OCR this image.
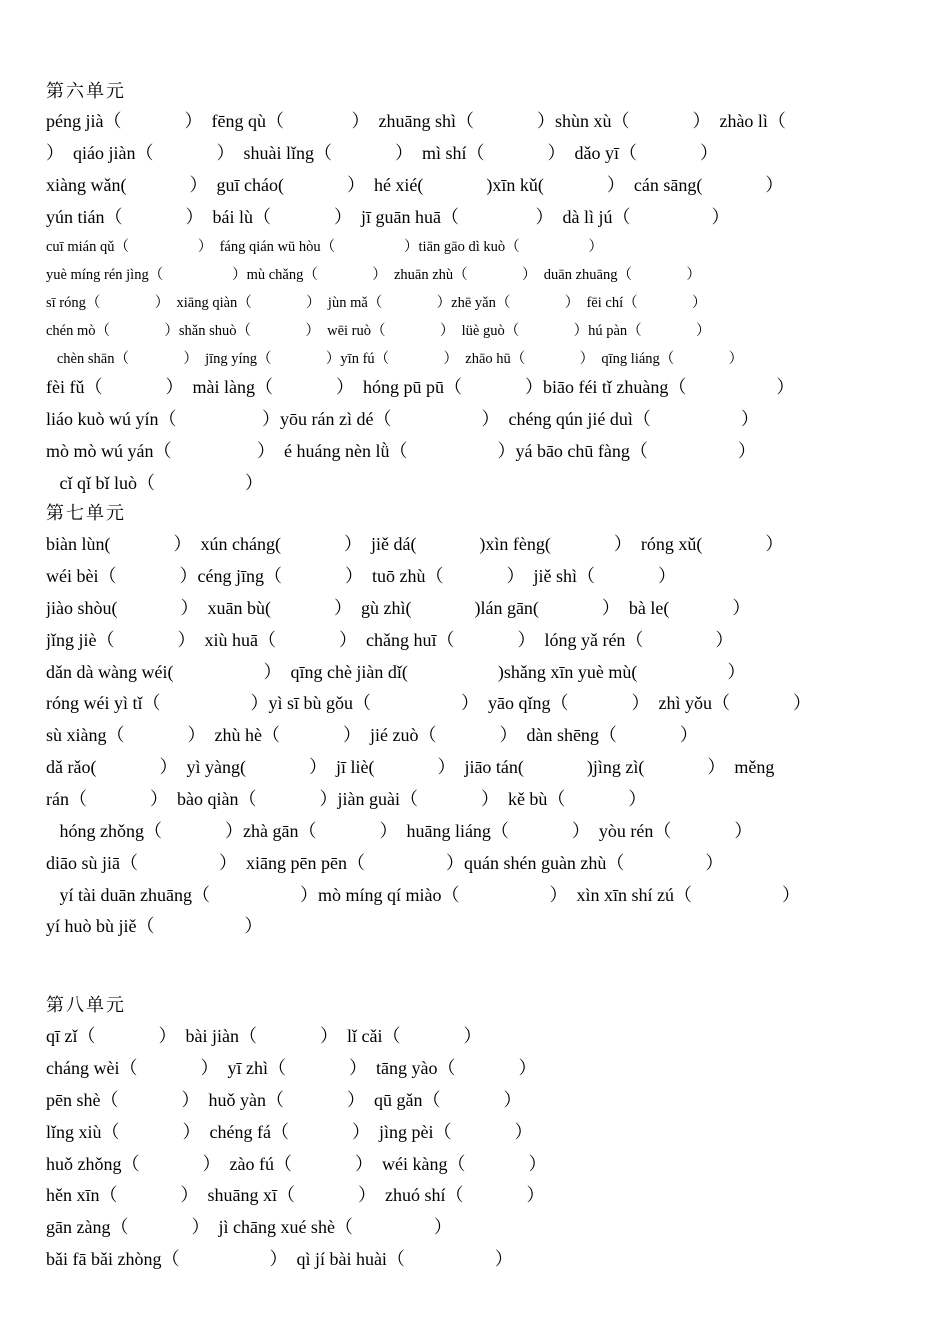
第六单元
péng jià（              ）  fēng qù（               ）  zhuāng shì（              ）shùn xù（              ）  zhào lì（
）  qiáo jiàn（              ）  shuài lǐng（              ）  mì shí（              ）  dǎo yī（              ）
xiàng wǎn(              ）  guī cháo(              ）  hé xié(              )xīn kǔ(              ）  cán sāng(              ）
yún tián（              ）  bái lù（              ）  jī guān huā（                 ）  dà lì jú（                  ）
cuī mián qǔ（                   ）  fáng qián wū hòu（                   ）tiān gāo dì kuò（                   ）
yuè míng rén jìng（                   ）mù chǎng（               ）  zhuān zhù（               ）  duān zhuāng（               ）
sī róng（               ）  xiāng qiàn（               ）  jùn mǎ（               ）zhē yǎn（               ）  fēi chí（               ）
chén mò（               ）shǎn shuò（               ）  wēi ruò（               ）  lüè guò（               ）hú pàn（               ）
chèn shān（               ）  jīng yíng（               ）yīn fú（               ）  zhāo hū（               ）  qīng liáng（               ）
fèi fǔ（              ）  mài làng（              ）  hóng pū pū（              ）biāo féi tǐ zhuàng（                    ）
liáo kuò wú yín（                   ）yōu rán zì dé（                    ）  chéng qún jié duì（                    ）
mò mò wú yán（                   ）  é huáng nèn lǜ（                    ）yá bāo chū fàng（                    ）
cǐ qǐ bǐ luò（                    ）
第七单元
biàn lùn(              ）  xún cháng(              ）  jiě dá(              )xìn fèng(              ）  róng xǔ(              ）
wéi bèi（              ）céng jīng（              ）  tuō zhù（              ）  jiě shì（              ）
jiào shòu(              ）  xuān bù(              ）  gù zhì(              )lán gān(              ）  bà le(              ）
jǐng jiè（              ）  xiù huā（              ）  chǎng huī（              ）  lóng yǎ rén（                ）
dǎn dà wàng wéi(                    ）  qīng chè jiàn dǐ(                    )shǎng xīn yuè mù(                    ）
róng wéi yì tǐ（                    ）yì sī bù gǒu（                    ）  yāo qǐng（              ）  zhì yǒu（              ）
sù xiàng（              ）  zhù hè（              ）  jié zuò（              ）  dàn shēng（              ）
dǎ rǎo(              ）  yì yàng(              ）  jī liè(              ）  jiāo tán(              )jìng zì(              ）  měng
rán（              ）  bào qiàn（              ）jiàn guài（              ）  kě bù（              ）
hóng zhǒng（              ）zhà gān（              ）  huāng liáng（              ）  yòu rén（              ）
diāo sù jiā（                  ）  xiāng pēn pēn（                  ）quán shén guàn zhù（                  ）
yí tài duān zhuāng（                    ）mò míng qí miào（                    ）  xìn xīn shí zú（                    ）
yí huò bù jiě（                    ）
第八单元
qī zǐ（              ）  bài jiàn（              ）  lǐ cǎi（              ）
cháng wèi（              ）  yī zhì（              ）  tāng yào（              ）
pēn shè（              ）  huǒ yàn（              ）  qū gǎn（              ）
lǐng xiù（              ）  chéng fá（              ）  jìng pèi（              ）
huǒ zhǒng（              ）  zào fú（              ）  wéi kàng（              ）
hěn xīn（              ）  shuāng xī（              ）  zhuó shí（              ）
gān zàng（              ）  jì chāng xué shè（                  ）
bǎi fā bǎi zhòng（                    ）  qì jí bài huài（                    ）
